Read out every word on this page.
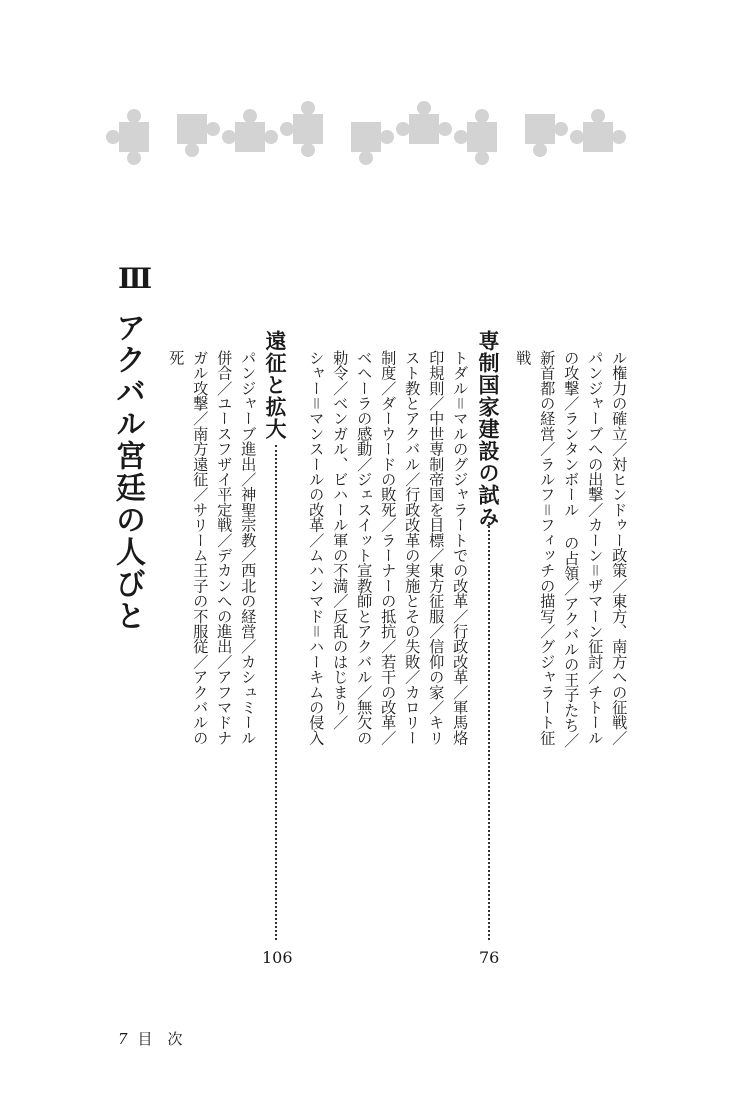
ル権力の確立／対ヒンドゥー政策／東方、南方への征戦／
パンジャーブへの出撃／カーン＝ザマーン征討／チトール
の攻撃／ランタンボール の占領／アクバルの王子たち／
新首都の経営／ラルフ＝フィッチの描写／グジャラート征
戦
専制国家建設の試み
76
トダル＝マルのグジャラートでの改革／行政改革／軍馬烙
印規則／中世専制帝国を目標／東方征服／信仰の家／キリ
スト教とアクバル／行政改革の実施とその失敗／カロリー
制度／ダーウードの敗死／ラーナーの抵抗／若干の改革／
ベヘーラの感動／ジェスイット宣教師とアクバル／無欠の
勅令／ベンガル、ビハール軍の不満／反乱のはじまり／
シャー＝マンスールの改革／ムハンマド＝ハーキムの侵入
遠征と拡大
106
パンジャーブ進出／神聖宗教／西北の経営／カシュミール
併合／ユースフザイ平定戦／デカンへの進出／アフマドナ
ガル攻撃／南方遠征／サリーム王子の不服従／アクバルの
死
Ⅲ
アクバル宮廷の人びと
7 目　次
